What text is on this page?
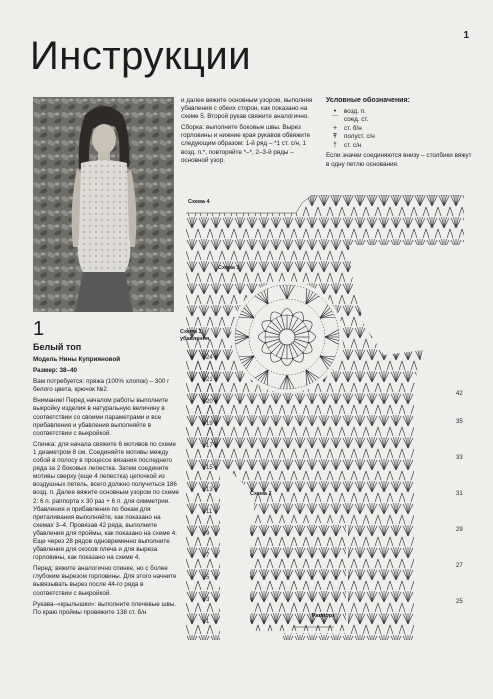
1
Инструкции
1
Белый топ
Модель Нины Куприяновой
Размер: 38–40
Вам потребуется: пряжа (100% хлопок) – 300 г белого цвета, крючок №2.
Внимание! Перед началом работы выполните выкройку изделия в натуральную величину в соответствии со своими параметрами и все прибавления и убавления выполняйте в соответствии с выкройкой.
Спинка: для начала свяжите 6 мотивов по схеме 1 диаметром 8 см. Соединяйте мотивы между собой в полосу в процессе вязания последнего ряда за 2 боковых лепестка. Затем соедините мотивы сверху (еще 4 лепестка) цепочкой из воздушных петель, всего должно получиться 186 возд. п. Далее вяжите основным узором по схеме 2: 6 п. раппорта х 30 раз + 6 п. для симметрии. Убавления и прибавления по бокам для приталивания выполняйте, как показано на схемах 3–4. Провязав 42 ряда, выполните убавления для проймы, как показано на схеме 4. Еще через 28 рядов одновременно выполните убавления для скосов плеча и для выреза горловины, как показано на схеме 4.
Перед: вяжите аналогично спинке, но с более глубоким вырезом горловины. Для этого начните вывязывать вырез после 44-го ряда в соответствии с выкройкой.
Рукава–«крылышки»: выполните плечевые швы. По краю проймы провяжите 138 ст. б/н
и далее вяжите основным узором, выполняя убавления с обеих сторон, как показано на схеме 5. Второй рукав свяжите аналогично.
Сборка: выполните боковые швы. Вырез горловины и нижние края рукавов обвяжите следующим образом: 1-й ряд – *1 ст. с/н, 1 возд. п.*, повторяйте *–*, 2–3-й ряды – основной узор.
Условные обозначения:
•	возд. п.
⌒ соед. ст.
+	ст. б/н
Ŧ	полуст. с/н
†	ст. с/н
Если значки соединяются внизу – столбики вяжут в одну петлю основания.
Схема 4
Схема 1
Схема 3, убавления
Схема 2
Раппорт
24
21
20
19
17
15
13
11
9
7
5
3
1
42
35
33
31
29
27
25
